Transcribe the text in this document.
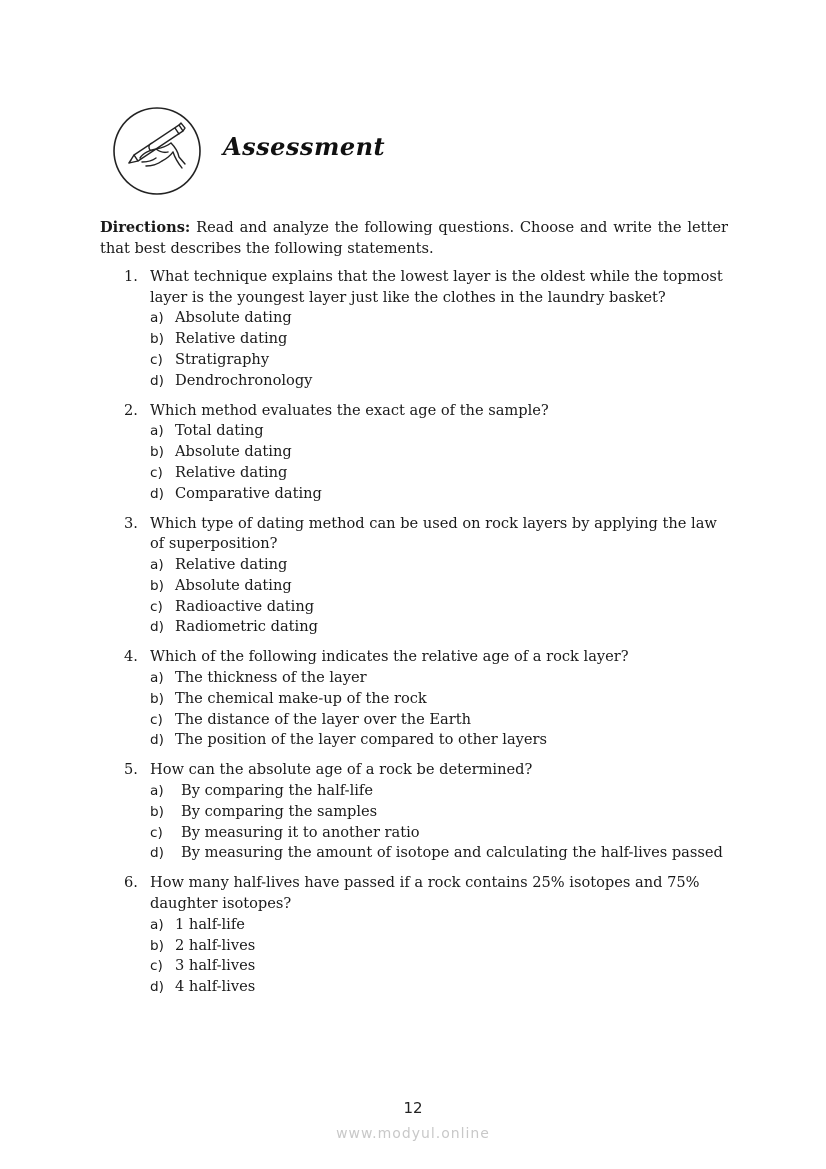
Assessment
Directions: Read and analyze the following questions. Choose and write the letter that best describes the following statements.
1. What technique explains that the lowest layer is the oldest while the topmost layer is the youngest layer just like the clothes in the laundry basket?
a) Absolute dating
b) Relative dating
c) Stratigraphy
d) Dendrochronology
2. Which method evaluates the exact age of the sample?
a) Total dating
b) Absolute dating
c) Relative dating
d) Comparative dating
3. Which type of dating method can be used on rock layers by applying the law of superposition?
a) Relative dating
b) Absolute dating
c) Radioactive dating
d) Radiometric dating
4. Which of the following indicates the relative age of a rock layer?
a) The thickness of the layer
b) The chemical make-up of the rock
c) The distance of the layer over the Earth
d) The position of the layer compared to other layers
5. How can the absolute age of a rock be determined?
a) By comparing the half-life
b) By comparing the samples
c) By measuring it to another ratio
d) By measuring the amount of isotope and calculating the half-lives passed
6. How many half-lives have passed if a rock contains 25% isotopes and 75% daughter isotopes?
a) 1 half-life
b) 2 half-lives
c) 3 half-lives
d) 4 half-lives
12
www.modyul.online
